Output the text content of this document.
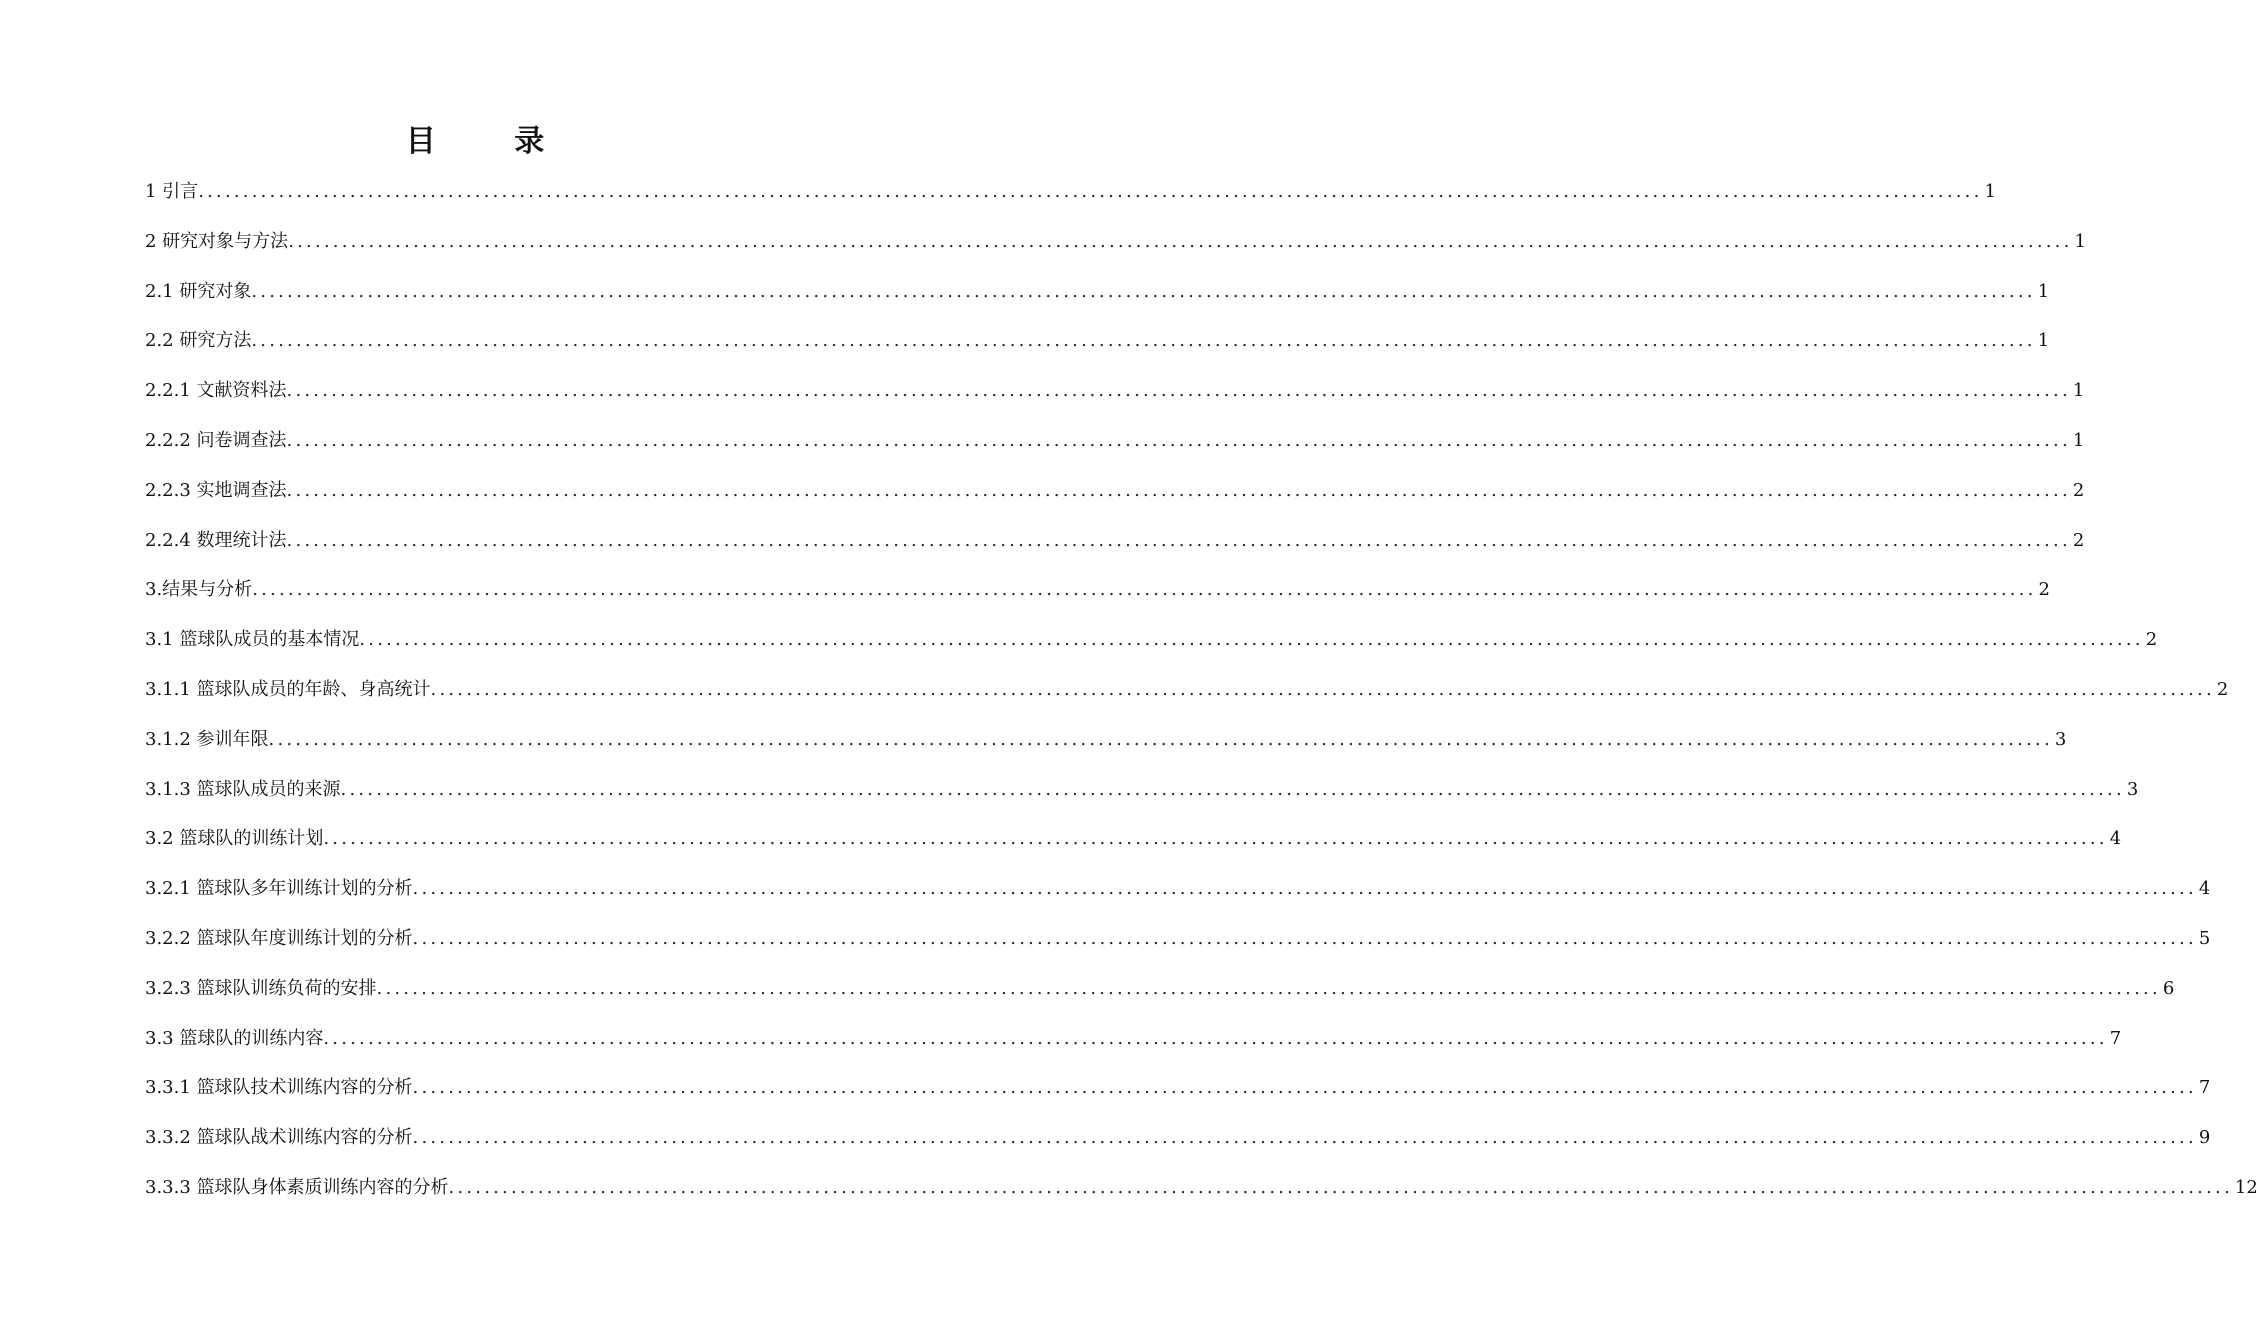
目 录
1 引言 ........................................................................................................................................................................................................ 1
2 研究对象与方法 ........................................................................................................................................................................................................ 1
2.1 研究对象 ........................................................................................................................................................................................................ 1
2.2 研究方法 ........................................................................................................................................................................................................ 1
2.2.1 文献资料法 ........................................................................................................................................................................................................ 1
2.2.2 问卷调查法 ........................................................................................................................................................................................................ 1
2.2.3 实地调查法 ........................................................................................................................................................................................................ 2
2.2.4 数理统计法 ........................................................................................................................................................................................................ 2
3.结果与分析 ........................................................................................................................................................................................................ 2
3.1 篮球队成员的基本情况 ........................................................................................................................................................................................................ 2
3.1.1 篮球队成员的年龄、身高统计 ........................................................................................................................................................................................................ 2
3.1.2 参训年限 ........................................................................................................................................................................................................ 3
3.1.3 篮球队成员的来源 ........................................................................................................................................................................................................ 3
3.2 篮球队的训练计划 ........................................................................................................................................................................................................ 4
3.2.1 篮球队多年训练计划的分析 ........................................................................................................................................................................................................ 4
3.2.2 篮球队年度训练计划的分析 ........................................................................................................................................................................................................ 5
3.2.3 篮球队训练负荷的安排 ........................................................................................................................................................................................................ 6
3.3 篮球队的训练内容 ........................................................................................................................................................................................................ 7
3.3.1 篮球队技术训练内容的分析 ........................................................................................................................................................................................................ 7
3.3.2 篮球队战术训练内容的分析 ........................................................................................................................................................................................................ 9
3.3.3 篮球队身体素质训练内容的分析 ........................................................................................................................................................................................................ 12
